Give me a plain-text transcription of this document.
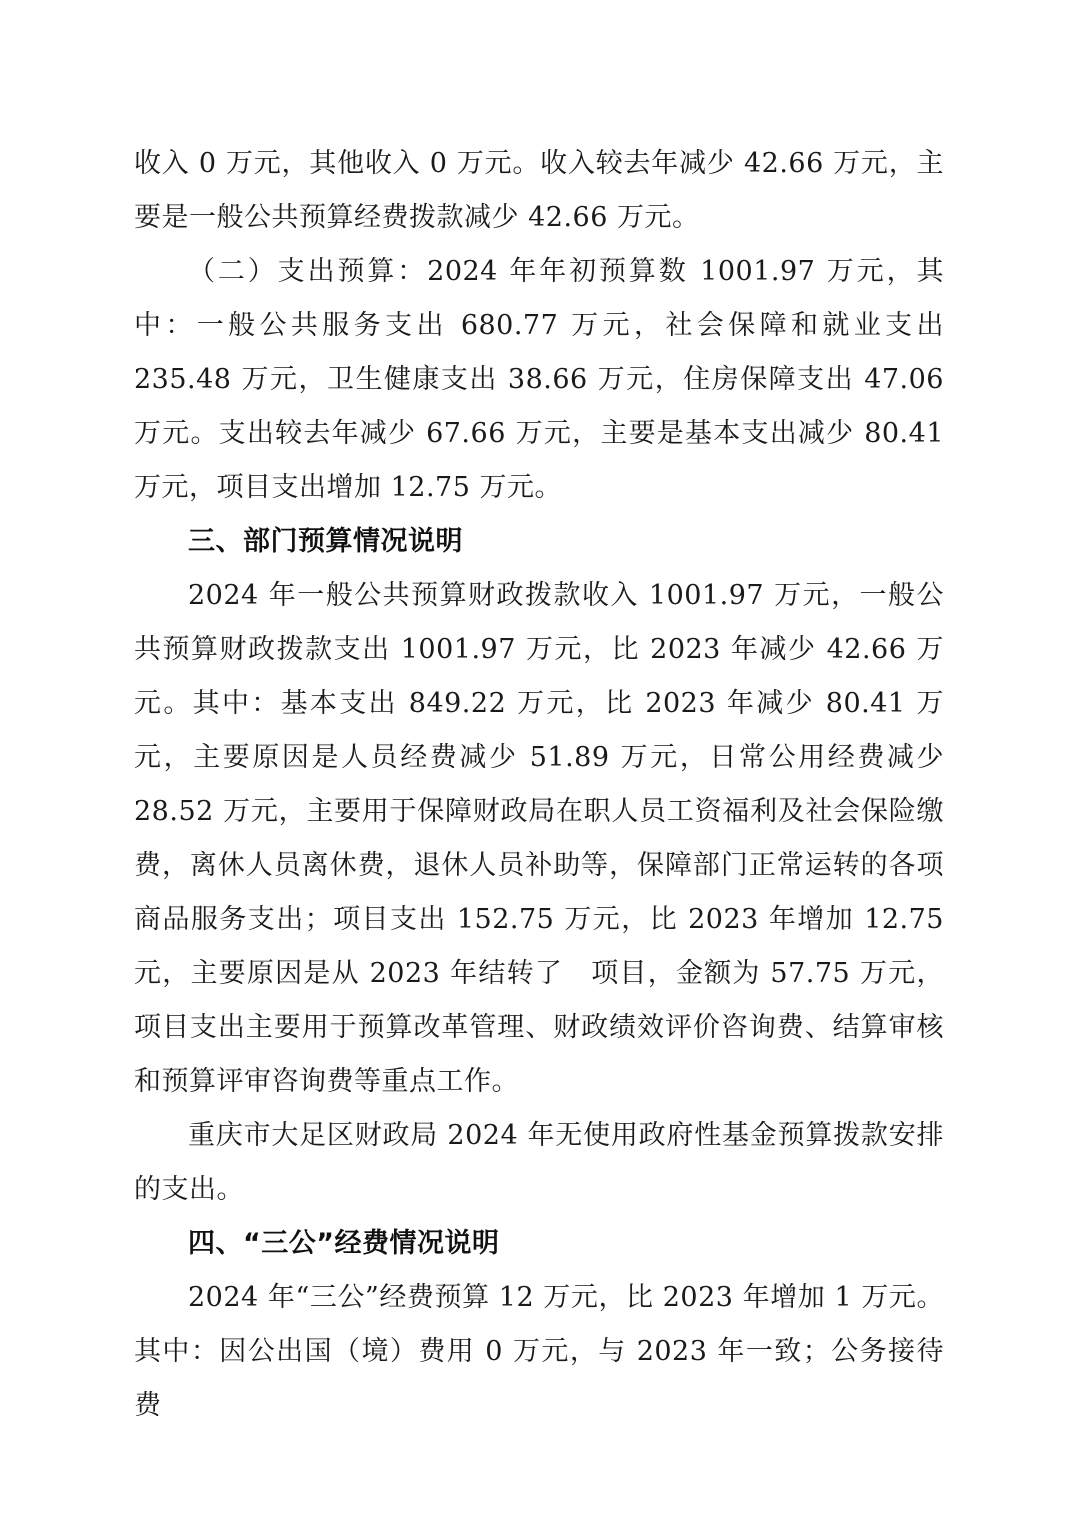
收入 0 万元，其他收入 0 万元。收入较去年减少 42.66 万元，主要是一般公共预算经费拨款减少 42.66 万元。

（二）支出预算：2024 年年初预算数 1001.97 万元，其中：一般公共服务支出 680.77 万元，社会保障和就业支出 235.48 万元，卫生健康支出 38.66 万元，住房保障支出 47.06 万元。支出较去年减少 67.66 万元，主要是基本支出减少 80.41 万元，项目支出增加 12.75 万元。

三、部门预算情况说明

2024 年一般公共预算财政拨款收入 1001.97 万元，一般公共预算财政拨款支出 1001.97 万元，比 2023 年减少 42.66 万元。其中：基本支出 849.22 万元，比 2023 年减少 80.41 万元，主要原因是人员经费减少 51.89 万元，日常公用经费减少 28.52 万元，主要用于保障财政局在职人员工资福利及社会保险缴费，离休人员离休费，退休人员补助等，保障部门正常运转的各项商品服务支出；项目支出 152.75 万元，比 2023 年增加 12.75 元，主要原因是从 2023 年结转了　项目，金额为 57.75 万元，项目支出主要用于预算改革管理、财政绩效评价咨询费、结算审核和预算评审咨询费等重点工作。

重庆市大足区财政局 2024 年无使用政府性基金预算拨款安排的支出。

四、“三公”经费情况说明

2024 年“三公”经费预算 12 万元，比 2023 年增加 1 万元。其中：因公出国（境）费用 0 万元，与 2023 年一致；公务接待费
